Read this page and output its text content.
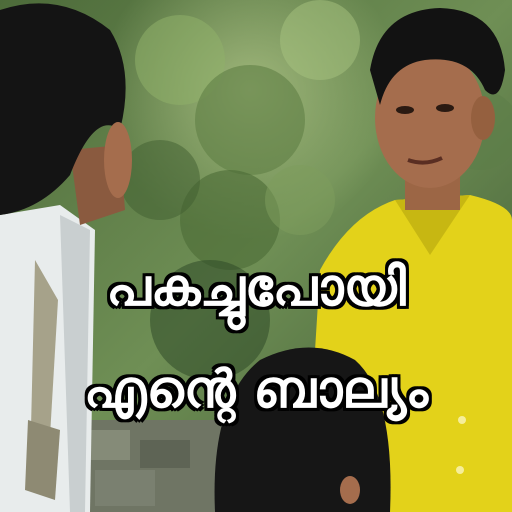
പകച്ചുപോയി
എന്റെ ബാല്യം
